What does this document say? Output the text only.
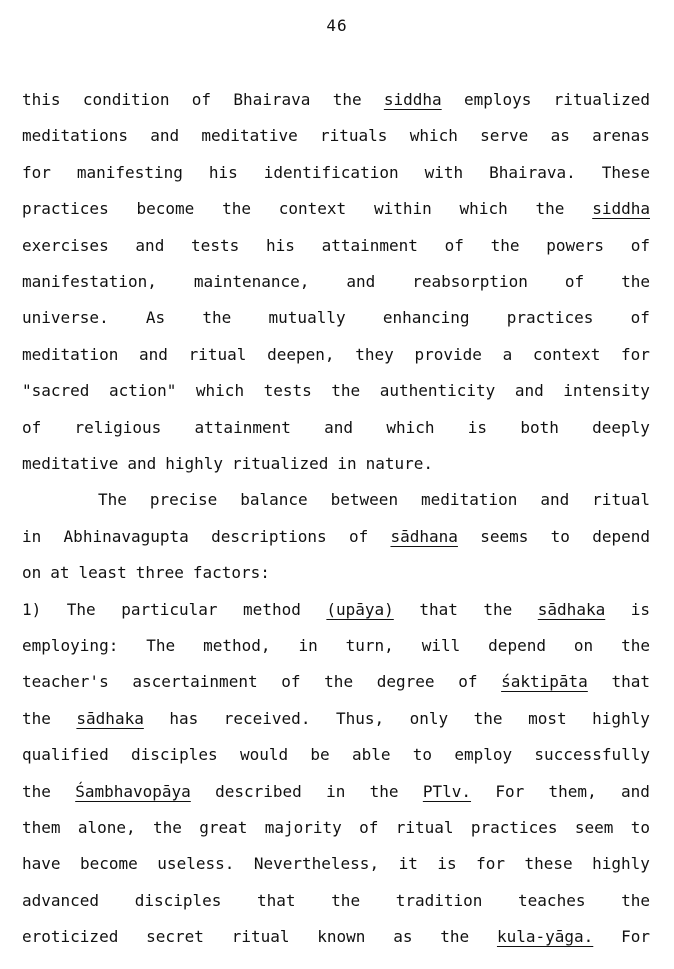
46
this condition of Bhairava the siddha employs ritualized
meditations and meditative rituals which serve as arenas
for manifesting his identification with Bhairava. These
practices become the context within which the siddha
exercises and tests his attainment of the powers of
manifestation, maintenance, and reabsorption of the
universe. As the mutually enhancing practices of
meditation and ritual deepen, they provide a context for
"sacred action" which tests the authenticity and intensity
of religious attainment and which is both deeply
meditative and highly ritualized in nature.
The precise balance between meditation and ritual
in Abhinavagupta descriptions of sādhana seems to depend
on at least three factors:
1) The particular method (upāya) that the sādhaka is
employing: The method, in turn, will depend on the
teacher's ascertainment of the degree of śaktipāta that
the sādhaka has received. Thus, only the most highly
qualified disciples would be able to employ successfully
the Śambhavopāya described in the PTlv. For them, and
them alone, the great majority of ritual practices seem to
have become useless. Nevertheless, it is for these highly
advanced disciples that the tradition teaches the
eroticized secret ritual known as the kula-yāga. For
